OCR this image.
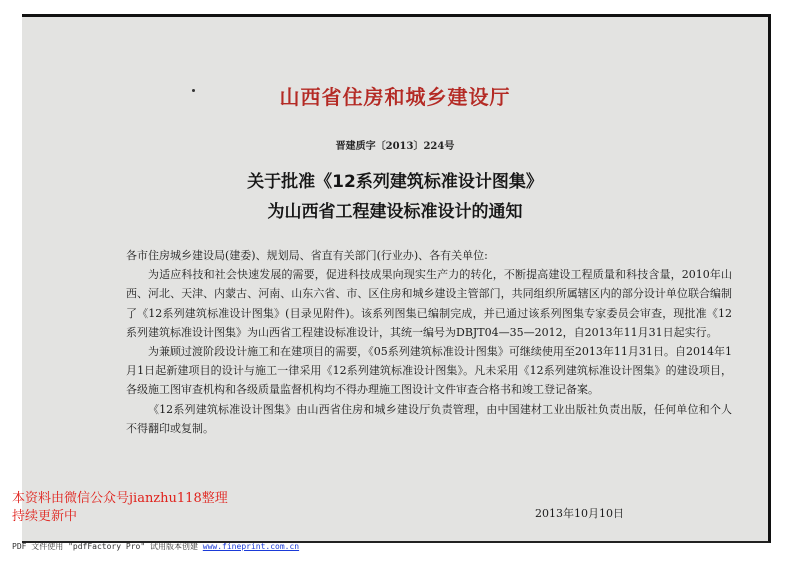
山西省住房和城乡建设厅
晋建质字〔2013〕224号
关于批准《12系列建筑标准设计图集》
为山西省工程建设标准设计的通知

各市住房城乡建设局(建委)、规划局、省直有关部门(行业办)、各有关单位:

为适应科技和社会快速发展的需要，促进科技成果向现实生产力的转化，不断提高建设工程质量和科技含量，2010年山西、河北、天津、内蒙古、河南、山东六省、市、区住房和城乡建设主管部门，共同组织所属辖区内的部分设计单位联合编制了《12系列建筑标准设计图集》(目录见附件)。该系列图集已编制完成，并已通过该系列图集专家委员会审查，现批准《12系列建筑标准设计图集》为山西省工程建设标准设计，其统一编号为DBJT04—35—2012，自2013年11月31日起实行。

为兼顾过渡阶段设计施工和在建项目的需要，《05系列建筑标准设计图集》可继续使用至2013年11月31日。自2014年1月1日起新建项目的设计与施工一律采用《12系列建筑标准设计图集》。凡未采用《12系列建筑标准设计图集》的建设项目，各级施工图审查机构和各级质量监督机构均不得办理施工图设计文件审查合格书和竣工登记备案。

《12系列建筑标准设计图集》由山西省住房和城乡建设厅负责管理，由中国建材工业出版社负责出版，任何单位和个人不得翻印或复制。

2013年10月10日
本资料由微信公众号jianzhu118整理
持续更新中
PDF 文件使用 "pdfFactory Pro" 试用版本创建 www.fineprint.com.cn
